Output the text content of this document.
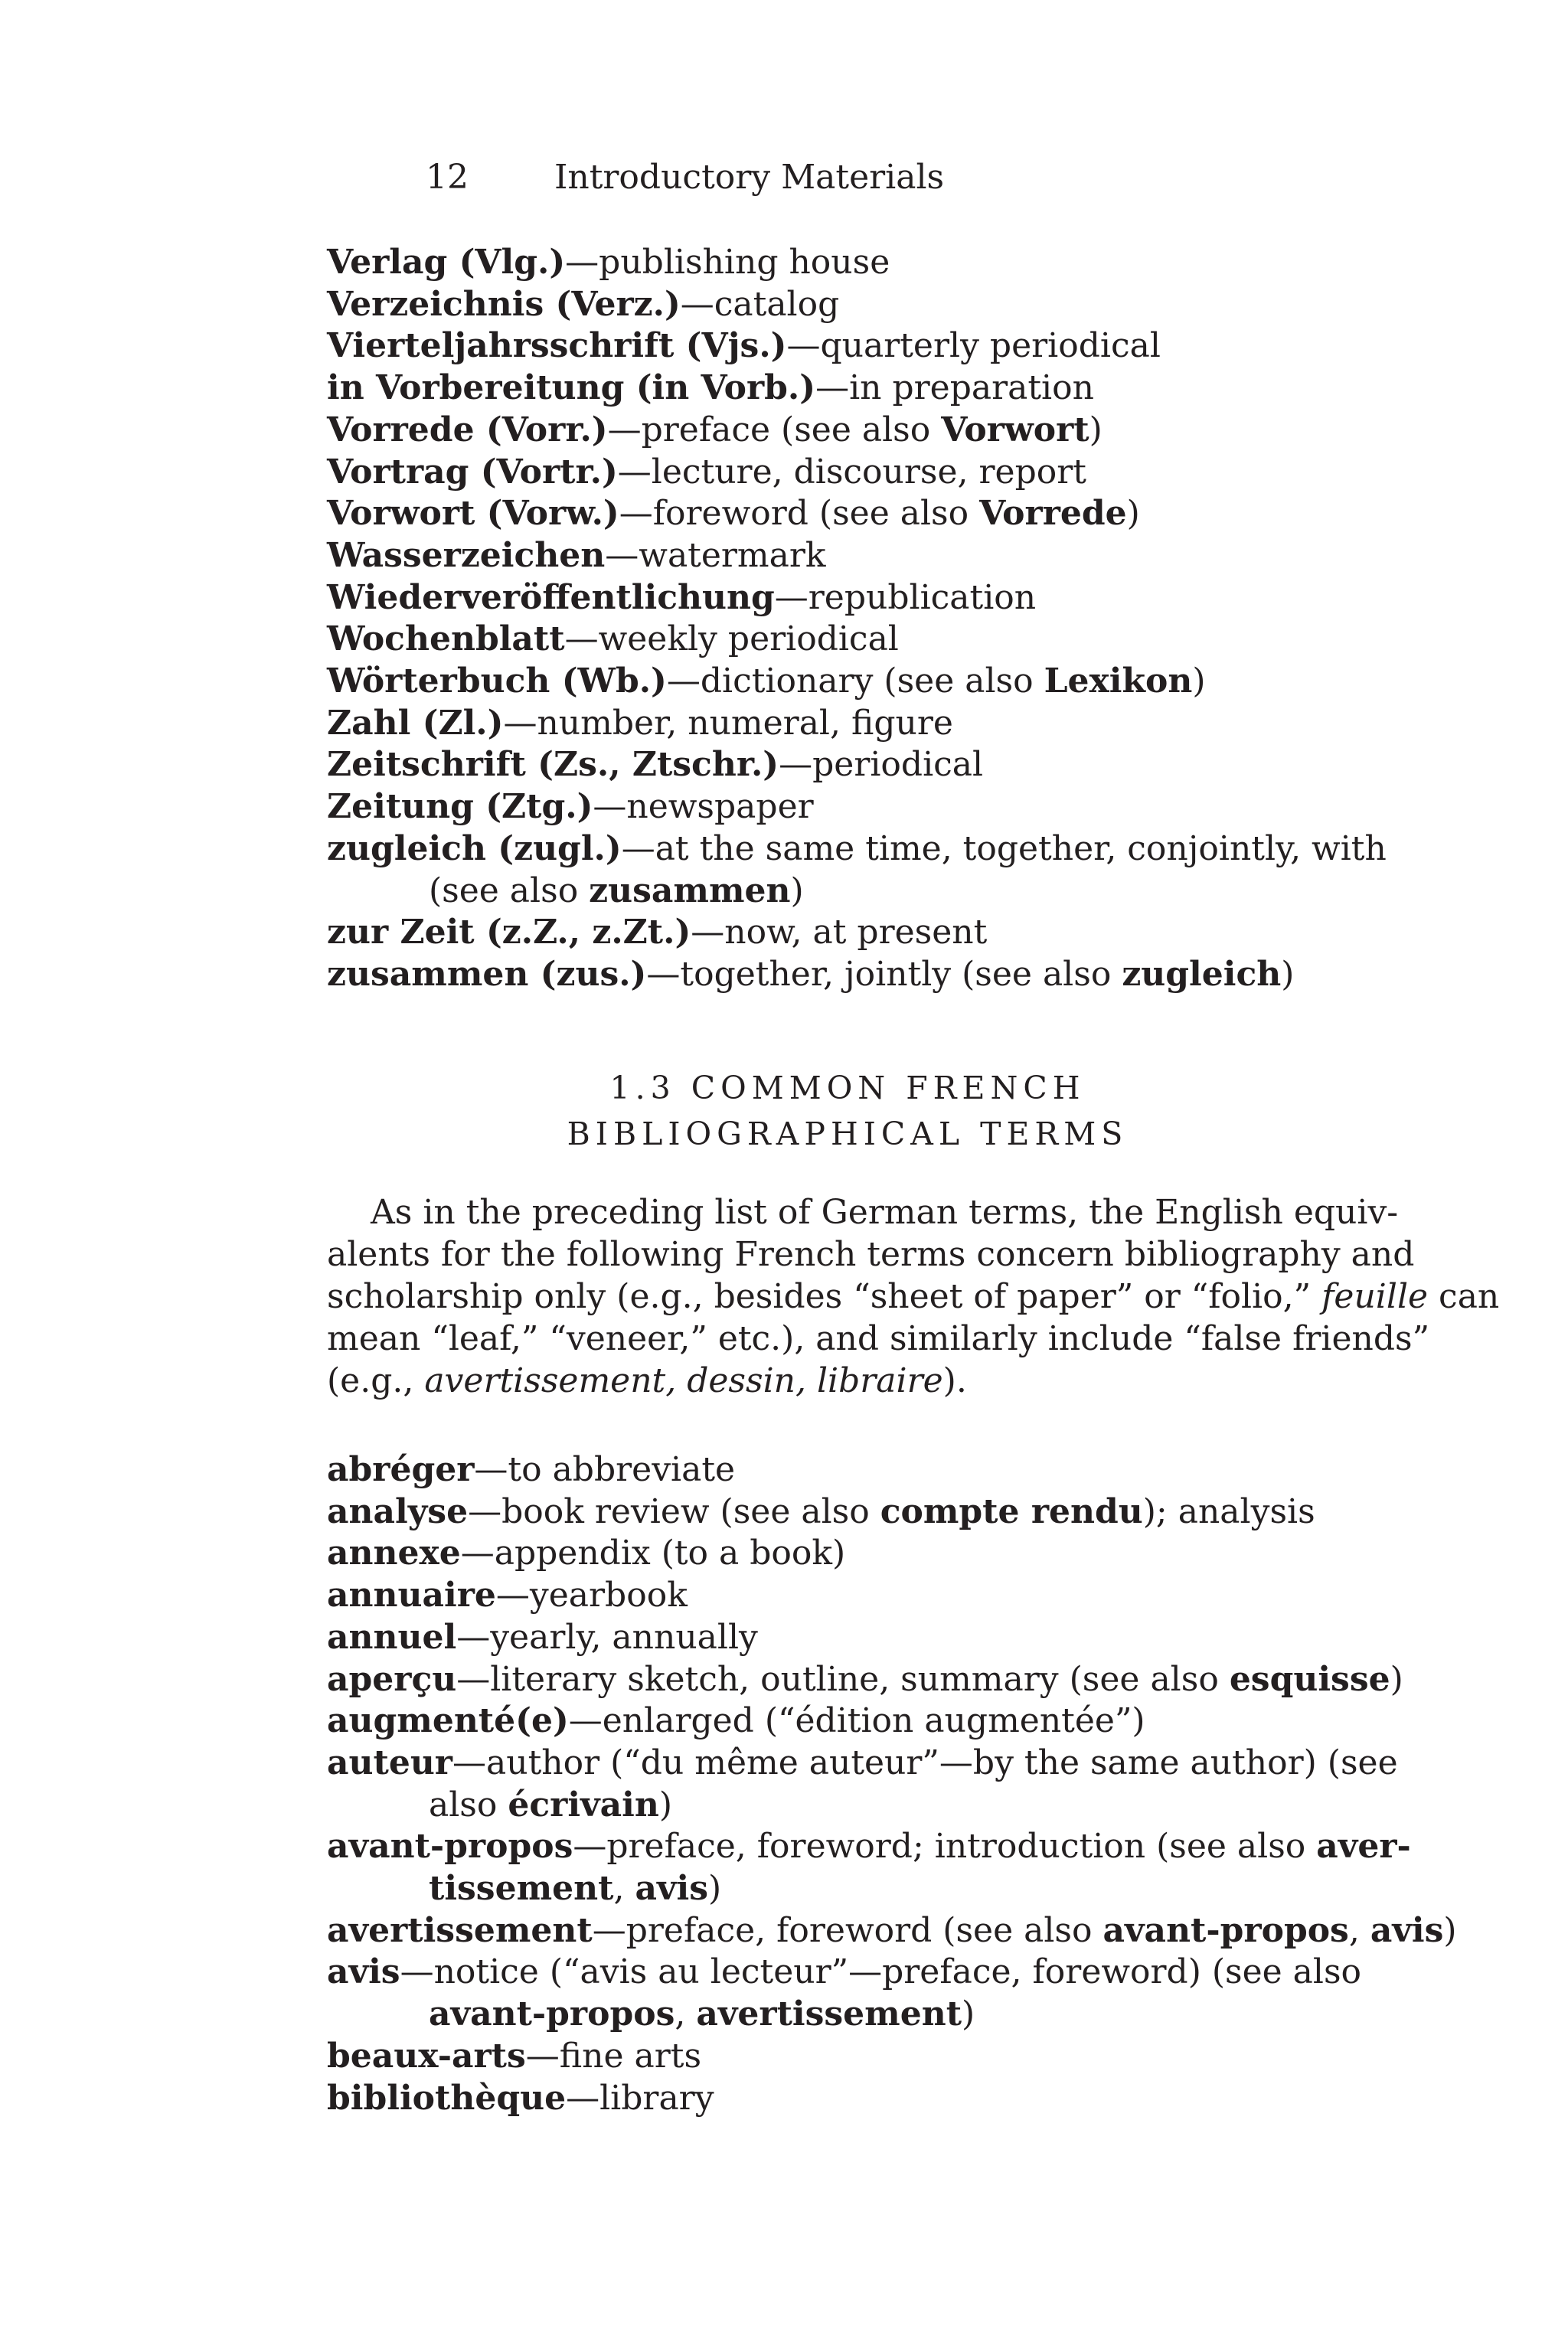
12	Introductory Materials
Verlag (Vlg.)—publishing house
Verzeichnis (Verz.)—catalog
Vierteljahrsschrift (Vjs.)—quarterly periodical
in Vorbereitung (in Vorb.)—in preparation
Vorrede (Vorr.)—preface (see also Vorwort)
Vortrag (Vortr.)—lecture, discourse, report
Vorwort (Vorw.)—foreword (see also Vorrede)
Wasserzeichen—watermark
Wiederveröffentlichung—republication
Wochenblatt—weekly periodical
Wörterbuch (Wb.)—dictionary (see also Lexikon)
Zahl (Zl.)—number, numeral, figure
Zeitschrift (Zs., Ztschr.)—periodical
Zeitung (Ztg.)—newspaper
zugleich (zugl.)—at the same time, together, conjointly, with
(see also zusammen)
zur Zeit (z.Z., z.Zt.)—now, at present
zusammen (zus.)—together, jointly (see also zugleich)
1.3 COMMON FRENCH
BIBLIOGRAPHICAL TERMS
As in the preceding list of German terms, the English equiv-
alents for the following French terms concern bibliography and
scholarship only (e.g., besides “sheet of paper” or “folio,” feuille can
mean “leaf,” “veneer,” etc.), and similarly include “false friends”
(e.g., avertissement, dessin, libraire).
abréger—to abbreviate
analyse—book review (see also compte rendu); analysis
annexe—appendix (to a book)
annuaire—yearbook
annuel—yearly, annually
aperçu—literary sketch, outline, summary (see also esquisse)
augmenté(e)—enlarged (“édition augmentée”)
auteur—author (“du même auteur”—by the same author) (see
also écrivain)
avant-propos—preface, foreword; introduction (see also aver-
tissement, avis)
avertissement—preface, foreword (see also avant-propos, avis)
avis—notice (“avis au lecteur”—preface, foreword) (see also
avant-propos, avertissement)
beaux-arts—fine arts
bibliothèque—library
